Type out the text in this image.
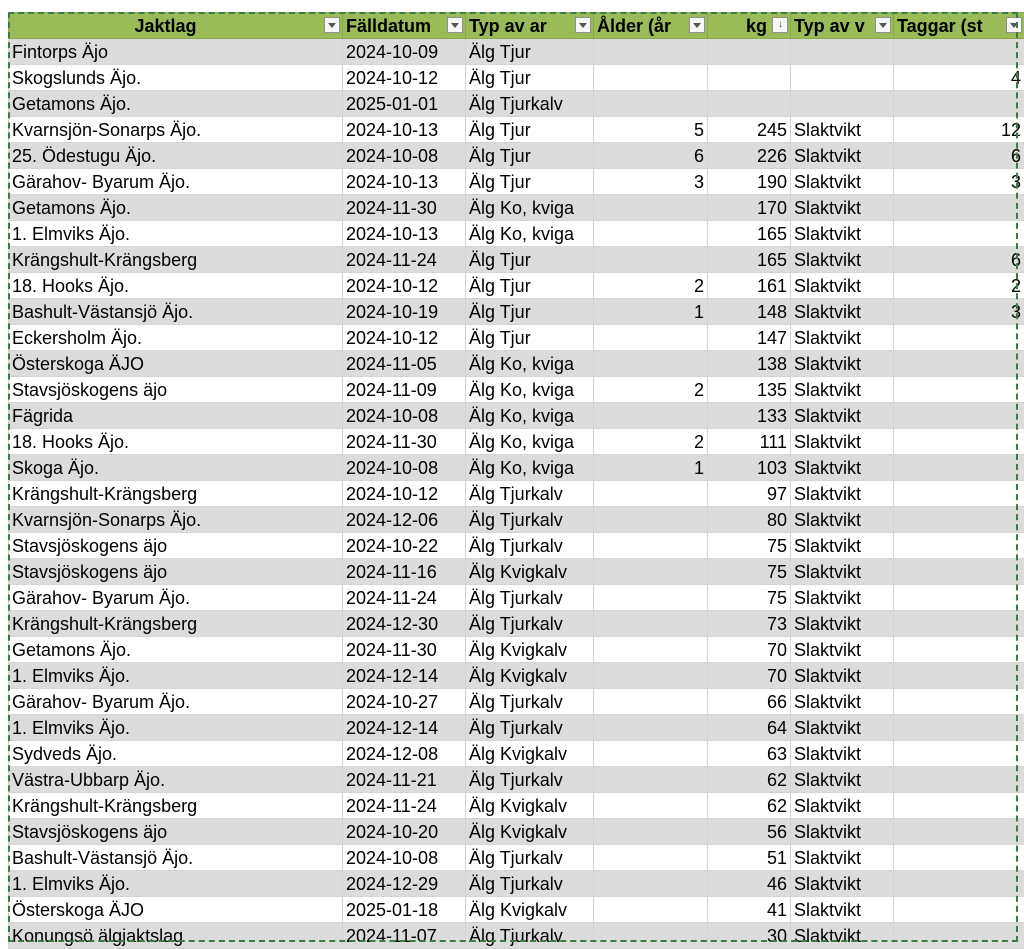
Jaktlag	Fälldatum	Typ av ar	Ålder (år	kg ↓	Typ av v	Taggar (st

Fintorps Äjo	2024-10-09	Älg Tjur				
Skogslunds Äjo.	2024-10-12	Älg Tjur				4
Getamons Äjo.	2025-01-01	Älg Tjurkalv				
Kvarnsjön-Sonarps Äjo.	2024-10-13	Älg Tjur	5	245	Slaktvikt	12
25. Ödestugu Äjo.	2024-10-08	Älg Tjur	6	226	Slaktvikt	6
Gärahov- Byarum Äjo.	2024-10-13	Älg Tjur	3	190	Slaktvikt	3
Getamons Äjo.	2024-11-30	Älg Ko, kviga		170	Slaktvikt	
1. Elmviks Äjo.	2024-10-13	Älg Ko, kviga		165	Slaktvikt	
Krängshult-Krängsberg	2024-11-24	Älg Tjur		165	Slaktvikt	6
18. Hooks Äjo.	2024-10-12	Älg Tjur	2	161	Slaktvikt	2
Bashult-Västansjö Äjo.	2024-10-19	Älg Tjur	1	148	Slaktvikt	3
Eckersholm Äjo.	2024-10-12	Älg Tjur		147	Slaktvikt	
Österskoga ÄJO	2024-11-05	Älg Ko, kviga		138	Slaktvikt	
Stavsjöskogens äjo	2024-11-09	Älg Ko, kviga	2	135	Slaktvikt	
Fägrida	2024-10-08	Älg Ko, kviga		133	Slaktvikt	
18. Hooks Äjo.	2024-11-30	Älg Ko, kviga	2	111	Slaktvikt	
Skoga Äjo.	2024-10-08	Älg Ko, kviga	1	103	Slaktvikt	
Krängshult-Krängsberg	2024-10-12	Älg Tjurkalv		97	Slaktvikt	
Kvarnsjön-Sonarps Äjo.	2024-12-06	Älg Tjurkalv		80	Slaktvikt	
Stavsjöskogens äjo	2024-10-22	Älg Tjurkalv		75	Slaktvikt	
Stavsjöskogens äjo	2024-11-16	Älg Kvigkalv		75	Slaktvikt	
Gärahov- Byarum Äjo.	2024-11-24	Älg Tjurkalv		75	Slaktvikt	
Krängshult-Krängsberg	2024-12-30	Älg Tjurkalv		73	Slaktvikt	
Getamons Äjo.	2024-11-30	Älg Kvigkalv		70	Slaktvikt	
1. Elmviks Äjo.	2024-12-14	Älg Kvigkalv		70	Slaktvikt	
Gärahov- Byarum Äjo.	2024-10-27	Älg Tjurkalv		66	Slaktvikt	
1. Elmviks Äjo.	2024-12-14	Älg Tjurkalv		64	Slaktvikt	
Sydveds Äjo.	2024-12-08	Älg Kvigkalv		63	Slaktvikt	
Västra-Ubbarp Äjo.	2024-11-21	Älg Tjurkalv		62	Slaktvikt	
Krängshult-Krängsberg	2024-11-24	Älg Kvigkalv		62	Slaktvikt	
Stavsjöskogens äjo	2024-10-20	Älg Kvigkalv		56	Slaktvikt	
Bashult-Västansjö Äjo.	2024-10-08	Älg Tjurkalv		51	Slaktvikt	
1. Elmviks Äjo.	2024-12-29	Älg Tjurkalv		46	Slaktvikt	
Österskoga ÄJO	2025-01-18	Älg Kvigkalv		41	Slaktvikt	
Konungsö älgjaktslag	2024-11-07	Älg Tjurkalv		30	Slaktvikt	
